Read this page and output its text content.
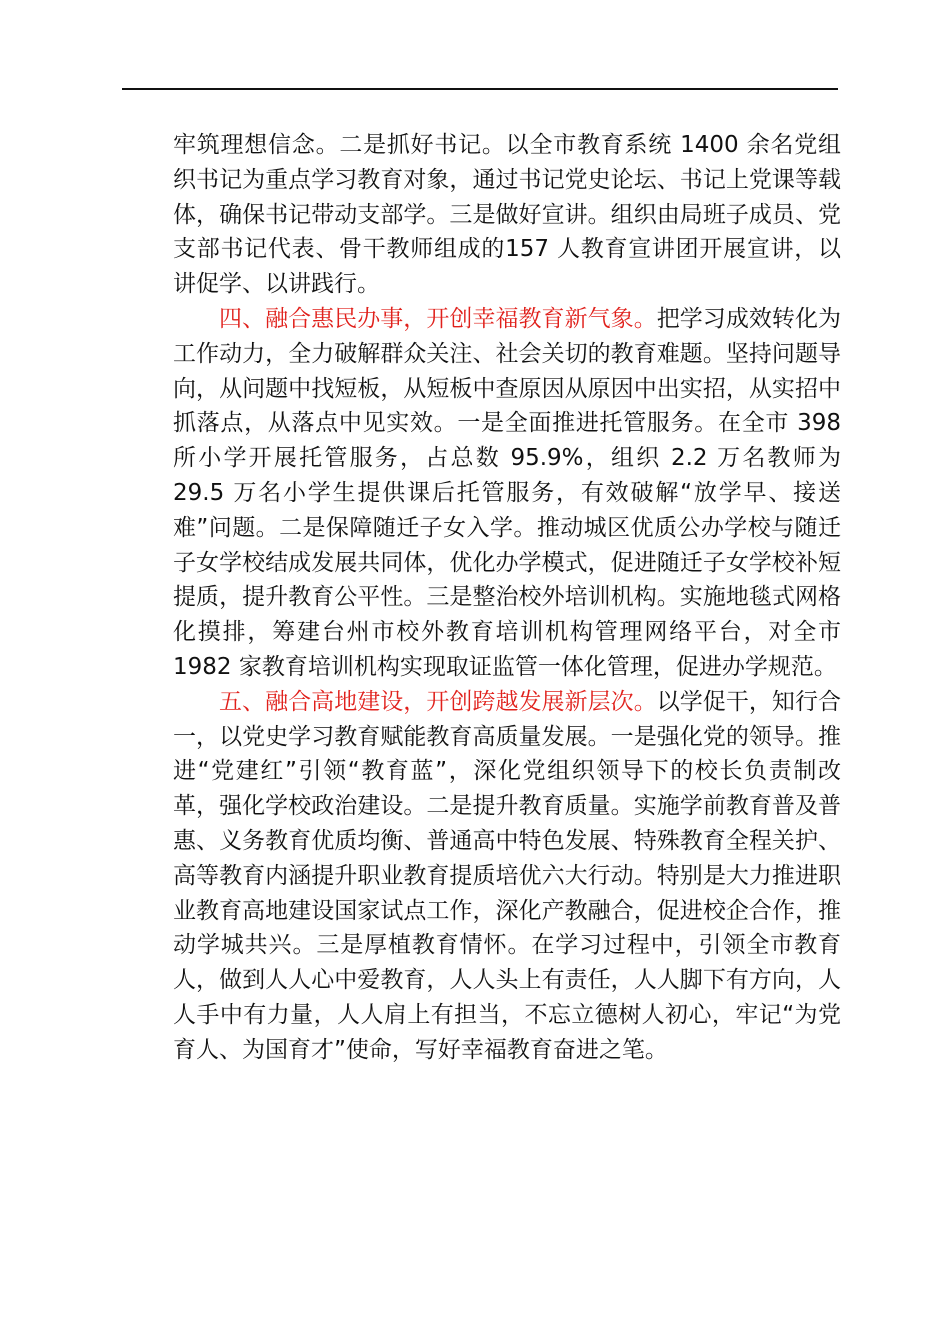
牢筑理想信念。二是抓好书记。以全市教育系统 1400 余名党组织书记为重点学习教育对象，通过书记党史论坛、书记上党课等载体，确保书记带动支部学。三是做好宣讲。组织由局班子成员、党支部书记代表、骨干教师组成的157 人教育宣讲团开展宣讲，以讲促学、以讲践行。

四、融合惠民办事，开创幸福教育新气象。把学习成效转化为工作动力，全力破解群众关注、社会关切的教育难题。坚持问题导向，从问题中找短板，从短板中查原因从原因中出实招，从实招中抓落点，从落点中见实效。一是全面推进托管服务。在全市 398 所小学开展托管服务，占总数 95.9%，组织 2.2 万名教师为 29.5 万名小学生提供课后托管服务，有效破解“放学早、接送难”问题。二是保障随迁子女入学。推动城区优质公办学校与随迁子女学校结成发展共同体，优化办学模式，促进随迁子女学校补短提质，提升教育公平性。三是整治校外培训机构。实施地毯式网格化摸排，筹建台州市校外教育培训机构管理网络平台，对全市 1982 家教育培训机构实现取证监管一体化管理，促进办学规范。

五、融合高地建设，开创跨越发展新层次。以学促干，知行合一，以党史学习教育赋能教育高质量发展。一是强化党的领导。推进“党建红”引领“教育蓝”，深化党组织领导下的校长负责制改革，强化学校政治建设。二是提升教育质量。实施学前教育普及普惠、义务教育优质均衡、普通高中特色发展、特殊教育全程关护、高等教育内涵提升职业教育提质培优六大行动。特别是大力推进职业教育高地建设国家试点工作，深化产教融合，促进校企合作，推动学城共兴。三是厚植教育情怀。在学习过程中，引领全市教育人，做到人人心中爱教育，人人头上有责任，人人脚下有方向，人人手中有力量，人人肩上有担当，不忘立德树人初心，牢记“为党育人、为国育才”使命，写好幸福教育奋进之笔。
